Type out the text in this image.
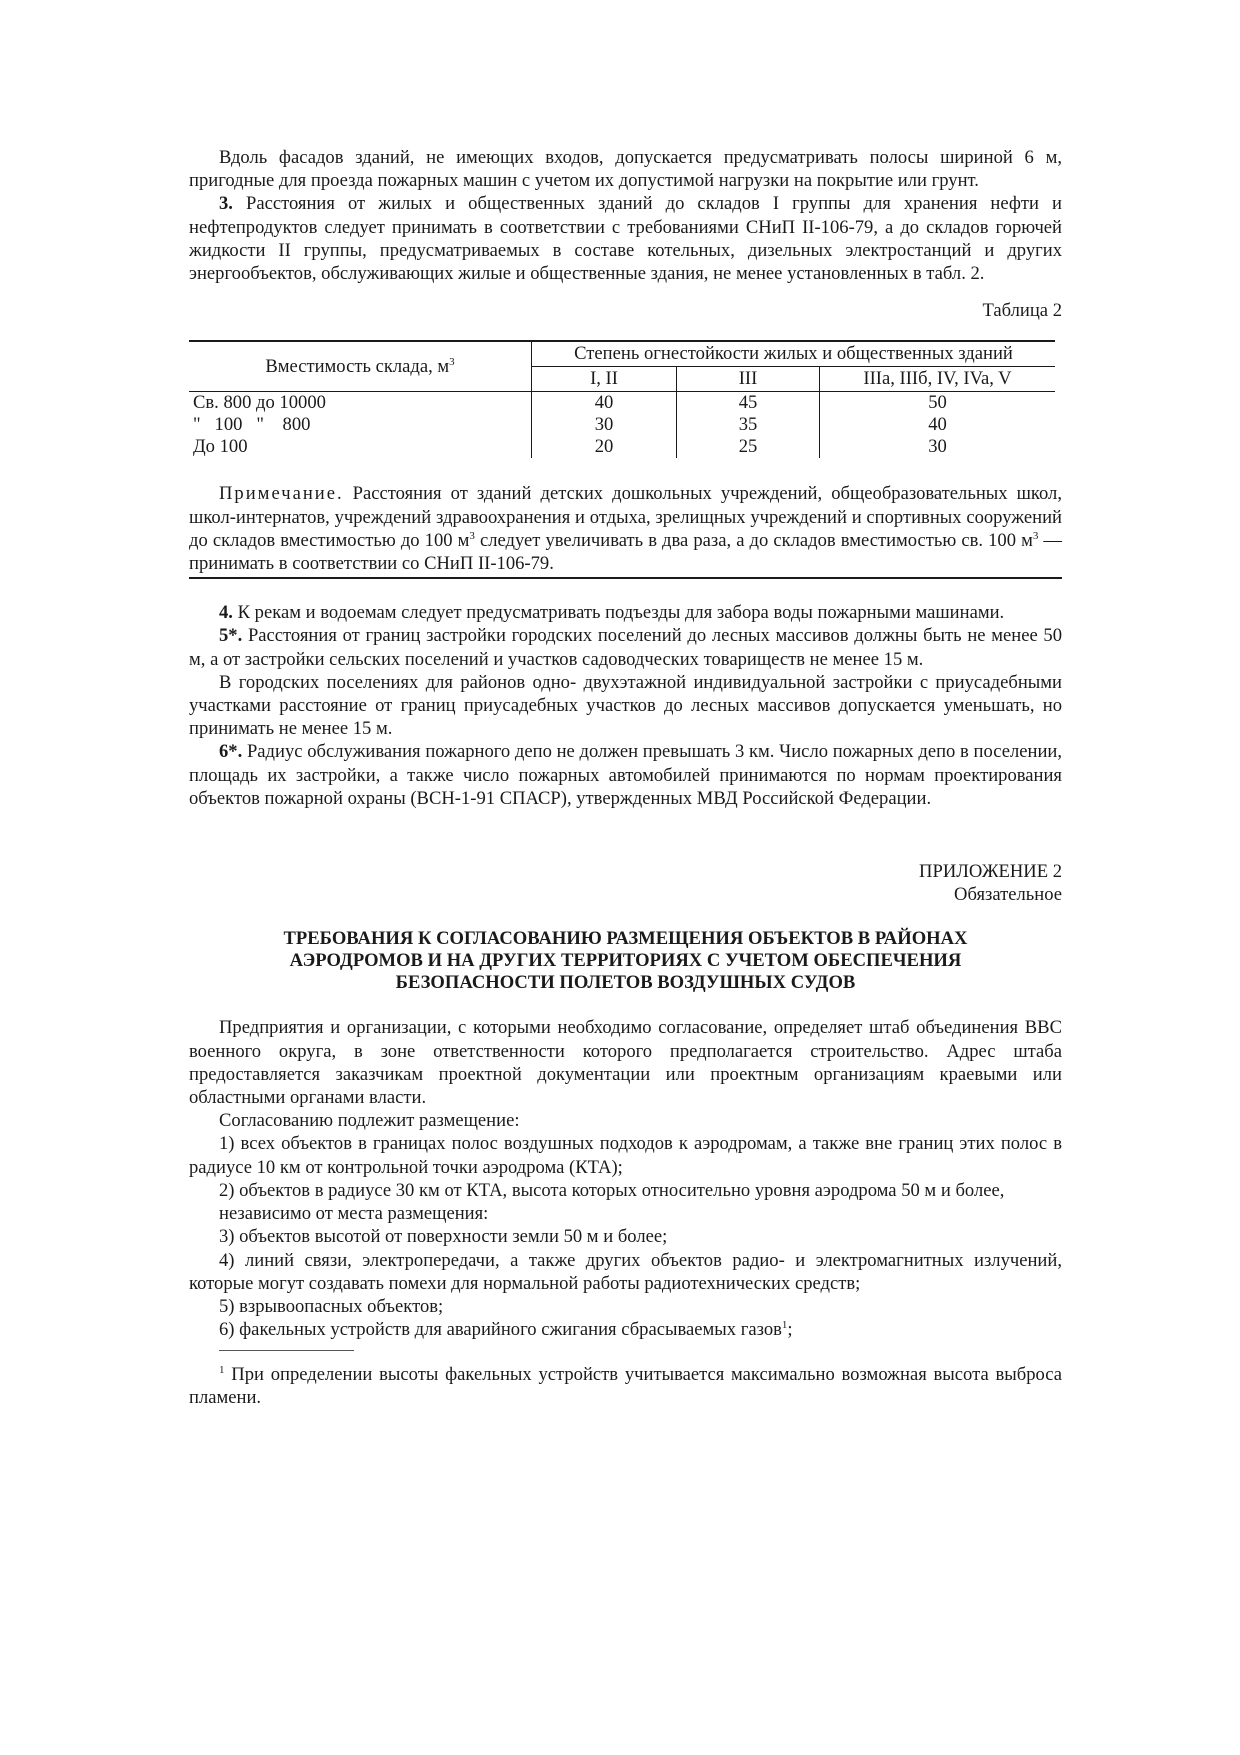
Вдоль фасадов зданий, не имеющих входов, допускается предусматривать полосы шириной 6 м, пригодные для проезда пожарных машин с учетом их допустимой нагрузки на покрытие или грунт.

3. Расстояния от жилых и общественных зданий до складов I группы для хранения нефти и нефтепродуктов следует принимать в соответствии с требованиями СНиП II-106-79, а до складов горючей жидкости II группы, предусматриваемых в составе котельных, дизельных электростанций и других энергообъектов, обслуживающих жилые и общественные здания, не менее установленных в табл. 2.

Таблица 2

Вместимость склада, $м^3$	Степень огнестойкости жилых и общественных зданий		
	I, II	III	IIIa, IIIб, IV, IVa, V
Св. 800 до 10000	40	45	50
"   100   "    800	30	35	40
До 100	20	25	30

Примечание. Расстояния от зданий детских дошкольных учреждений, общеобразовательных школ, школ-интернатов, учреждений здравоохранения и отдыха, зрелищных учреждений и спортивных сооружений до складов вместимостью до 100 $м^3$ следует увеличивать в два раза, а до складов вместимостью св. 100 $м^3$ — принимать в соответствии со СНиП II-106-79.

4. К рекам и водоемам следует предусматривать подъезды для забора воды пожарными машинами.

5*. Расстояния от границ застройки городских поселений до лесных массивов должны быть не менее 50 м, а от застройки сельских поселений и участков садоводческих товариществ не менее 15 м.

В городских поселениях для районов одно- двухэтажной индивидуальной застройки с приусадебными участками расстояние от границ приусадебных участков до лесных массивов допускается уменьшать, но принимать не менее 15 м.

6*. Радиус обслуживания пожарного депо не должен превышать 3 км. Число пожарных депо в поселении, площадь их застройки, а также число пожарных автомобилей принимаются по нормам проектирования объектов пожарной охраны (ВСН-1-91 СПАСР), утвержденных МВД Российской Федерации.

ПРИЛОЖЕНИЕ 2

Обязательное

ТРЕБОВАНИЯ К СОГЛАСОВАНИЮ РАЗМЕЩЕНИЯ ОБЪЕКТОВ В РАЙОНАХ АЭРОДРОМОВ И НА ДРУГИХ ТЕРРИТОРИЯХ С УЧЕТОМ ОБЕСПЕЧЕНИЯ БЕЗОПАСНОСТИ ПОЛЕТОВ ВОЗДУШНЫХ СУДОВ

Предприятия и организации, с которыми необходимо согласование, определяет штаб объединения ВВС военного округа, в зоне ответственности которого предполагается строительство. Адрес штаба предоставляется заказчикам проектной документации или проектным организациям краевыми или областными органами власти.

Согласованию подлежит размещение:

1) всех объектов в границах полос воздушных подходов к аэродромам, а также вне границ этих полос в радиусе 10 км от контрольной точки аэродрома (КТА);

2) объектов в радиусе 30 км от КТА, высота которых относительно уровня аэродрома 50 м и более,

независимо от места размещения:

3) объектов высотой от поверхности земли 50 м и более;

4) линий связи, электропередачи, а также других объектов радио- и электромагнитных излучений, которые могут создавать помехи для нормальной работы радиотехнических средств;

5) взрывоопасных объектов;

6) факельных устройств для аварийного сжигания сбрасываемых газов$^1$;

$^1$ При определении высоты факельных устройств учитывается максимально возможная высота выброса пламени.
